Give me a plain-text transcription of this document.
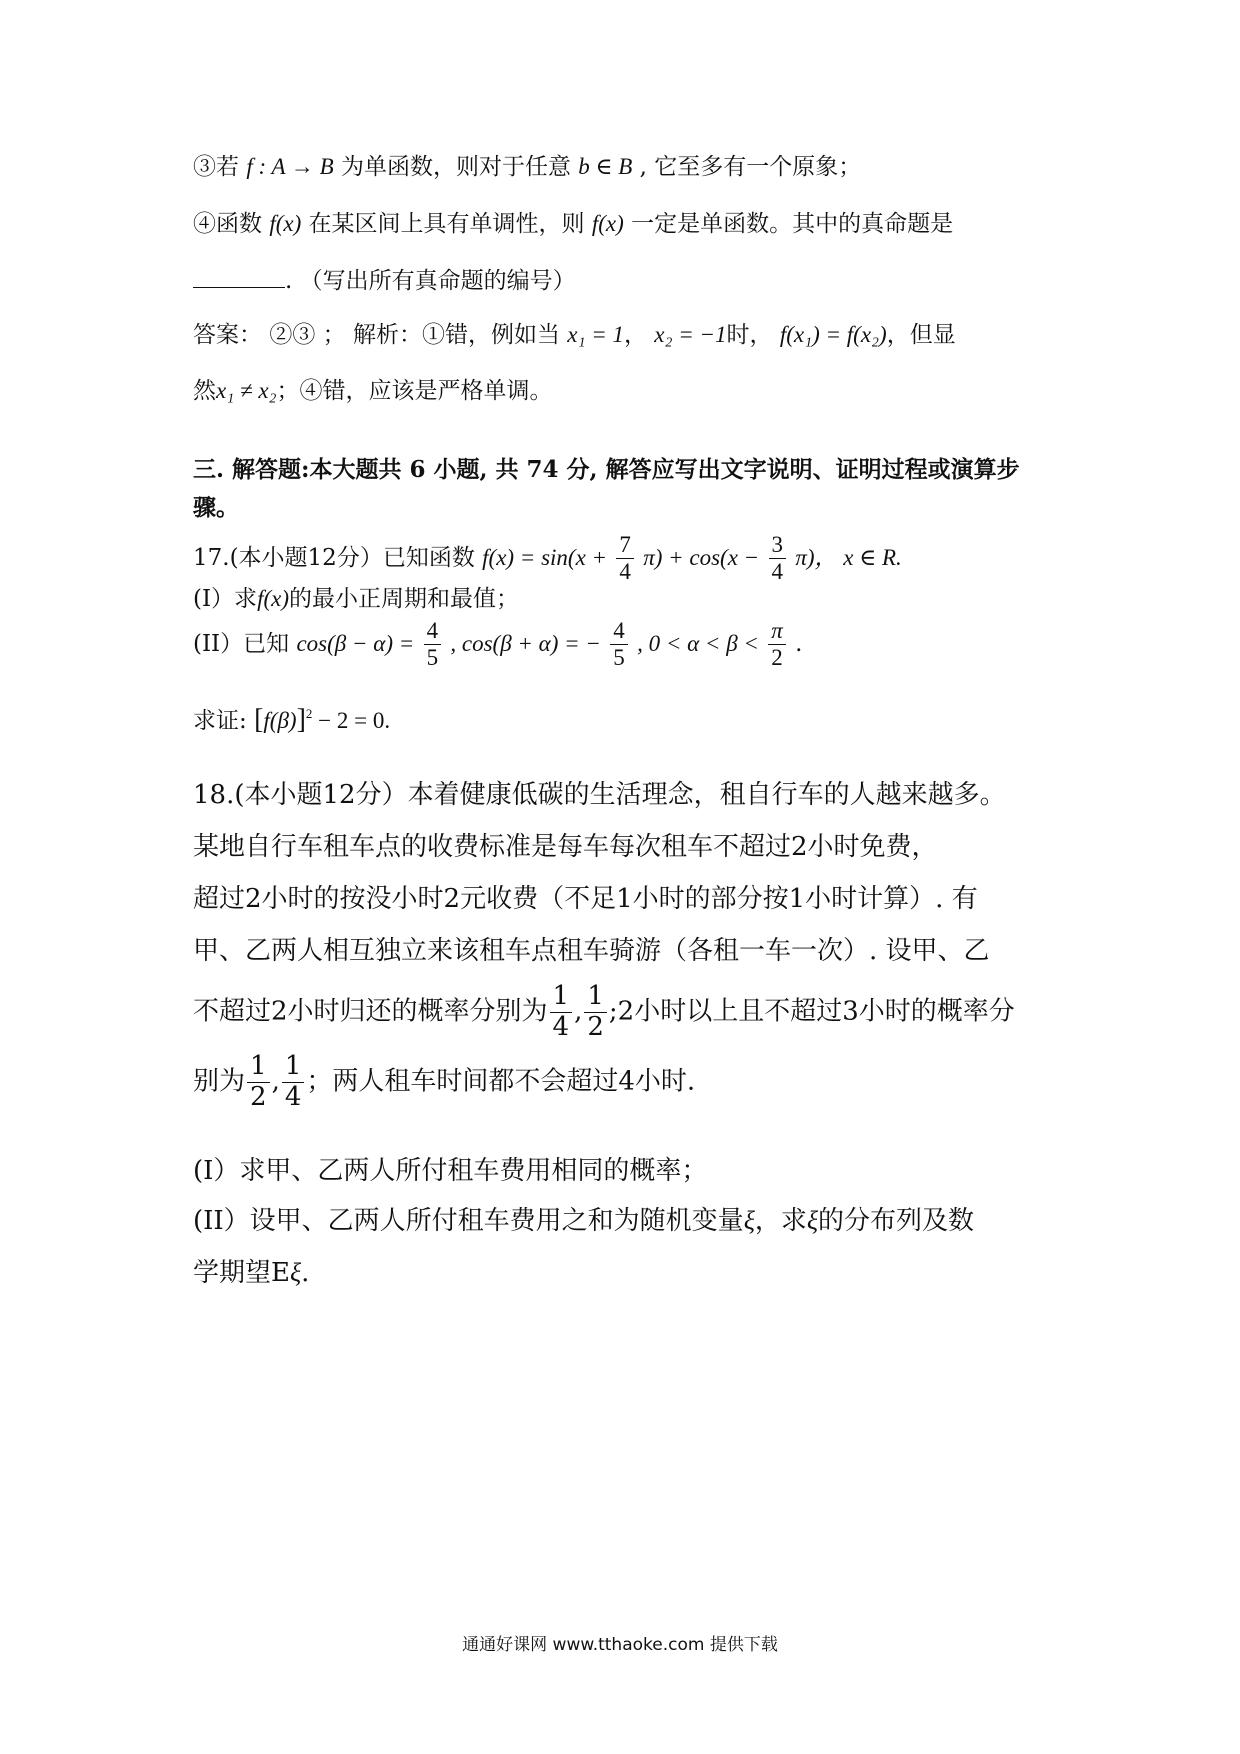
③若 f : A → B 为单函数，则对于任意 b ∈ B , 它至多有一个原象；
④函数 f(x) 在某区间上具有单调性，则 f(x) 一定是单函数。其中的真命题是
. （写出所有真命题的编号）
答案： ②③ ； 解析：①错，例如当 x₁ = 1， x₂ = −1时， f(x₁) = f(x₂)，但显
然x₁ ≠ x₂；④错，应该是严格单调。
三. 解答题:本大题共 6 小题, 共 74 分, 解答应写出文字说明、证明过程或演算步骤。
17.(本小题12分）已知函数 $f(x) = \sin(x + \frac{7}{4} \pi) + \cos(x - \frac{3}{4} \pi)$， x ∈ R.
(I）求f(x)的最小正周期和最值；
(II）已知 $\cos(\beta - \alpha) = \frac{4}{5}$ , cos(β + α) = − $\frac{4}{5}$ , $0 < \alpha < \beta < \frac{\pi}{2}$ .
求证: $[f(\beta)]^2 - 2 = 0$.
18.(本小题12分）本着健康低碳的生活理念，租自行车的人越来越多。
某地自行车租车点的收费标准是每车每次租车不超过2小时免费，
超过2小时的按没小时2元收费（不足1小时的部分按1小时计算）. 有
甲、乙两人相互独立来该租车点租车骑游（各租一车一次）. 设甲、乙
不超过2小时归还的概率分别为 $\frac{1}{4}$ , $\frac{1}{2}$ ;2小时以上且不超过3小时的概率分
别为 $\frac{1}{2}$ , $\frac{1}{4}$ ；两人租车时间都不会超过4小时.
(I）求甲、乙两人所付租车费用相同的概率；
(II）设甲、乙两人所付租车费用之和为随机变量ξ，求ξ的分布列及数
学期望Eξ.
通通好课网 www.tthaoke.com 提供下载
